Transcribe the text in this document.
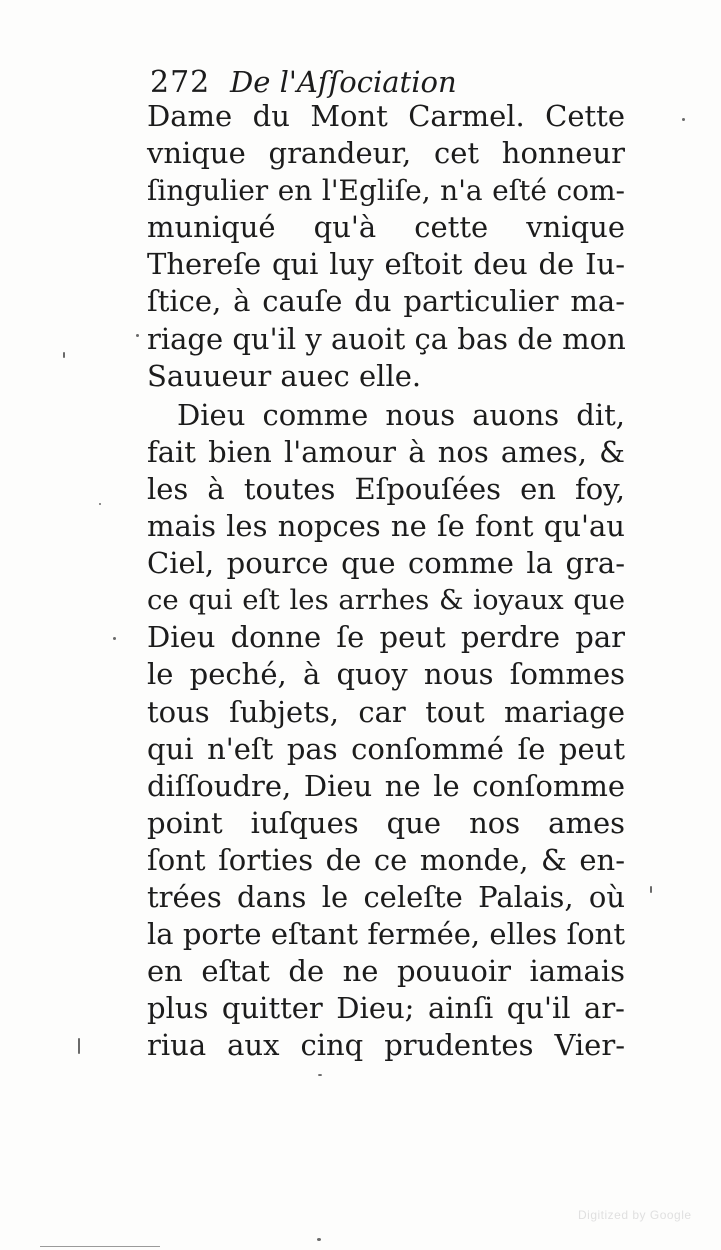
272 De l'Aſſociation
Dame du Mont Carmel. Cette
vnique grandeur, cet honneur
ſingulier en l'Egliſe, n'a eſté com-
muniqué qu'à cette vnique
Thereſe qui luy eſtoit deu de Iu-
ſtice, à cauſe du particulier ma-
riage qu'il y auoit ça bas de mon
Sauueur auec elle.
Dieu comme nous auons dit,
fait bien l'amour à nos ames, &
les à toutes Eſpouſées en foy,
mais les nopces ne ſe font qu'au
Ciel, pource que comme la gra-
ce qui eſt les arrhes & ioyaux que
Dieu donne ſe peut perdre par
le peché, à quoy nous ſommes
tous ſubjets, car tout mariage
qui n'eſt pas conſommé ſe peut
diſſoudre, Dieu ne le conſomme
point iuſques que nos ames
ſont ſorties de ce monde, & en-
trées dans le celeſte Palais, où
la porte eſtant fermée, elles ſont
en eſtat de ne pouuoir iamais
plus quitter Dieu; ainſi qu'il ar-
riua aux cinq prudentes Vier-
Digitized by Google
